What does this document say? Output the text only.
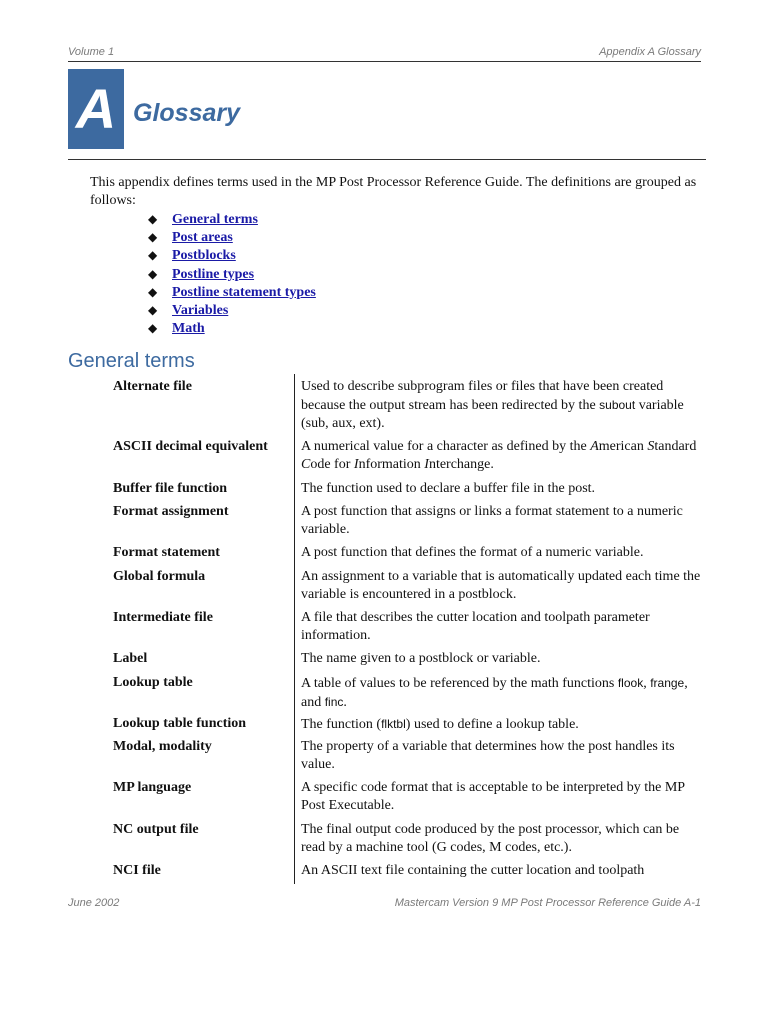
Volume 1	Appendix A Glossary
A Glossary
This appendix defines terms used in the MP Post Processor Reference Guide. The definitions are grouped as follows:
◆ General terms
◆ Post areas
◆ Postblocks
◆ Postline types
◆ Postline statement types
◆ Variables
◆ Math
General terms
Alternate file	Used to describe subprogram files or files that have been created because the output stream has been redirected by the subout variable (sub, aux, ext).
ASCII decimal equivalent	A numerical value for a character as defined by the American Standard Code for Information Interchange.
Buffer file function	The function used to declare a buffer file in the post.
Format assignment	A post function that assigns or links a format statement to a numeric variable.
Format statement	A post function that defines the format of a numeric variable.
Global formula	An assignment to a variable that is automatically updated each time the variable is encountered in a postblock.
Intermediate file	A file that describes the cutter location and toolpath parameter information.
Label	The name given to a postblock or variable.
Lookup table	A table of values to be referenced by the math functions flook, frange, and finc.
Lookup table function	The function (flktbl) used to define a lookup table.
Modal, modality	The property of a variable that determines how the post handles its value.
MP language	A specific code format that is acceptable to be interpreted by the MP Post Executable.
NC output file	The final output code produced by the post processor, which can be read by a machine tool (G codes, M codes, etc.).
NCI file	An ASCII text file containing the cutter location and toolpath
June 2002	Mastercam Version 9 MP Post Processor Reference Guide A-1
